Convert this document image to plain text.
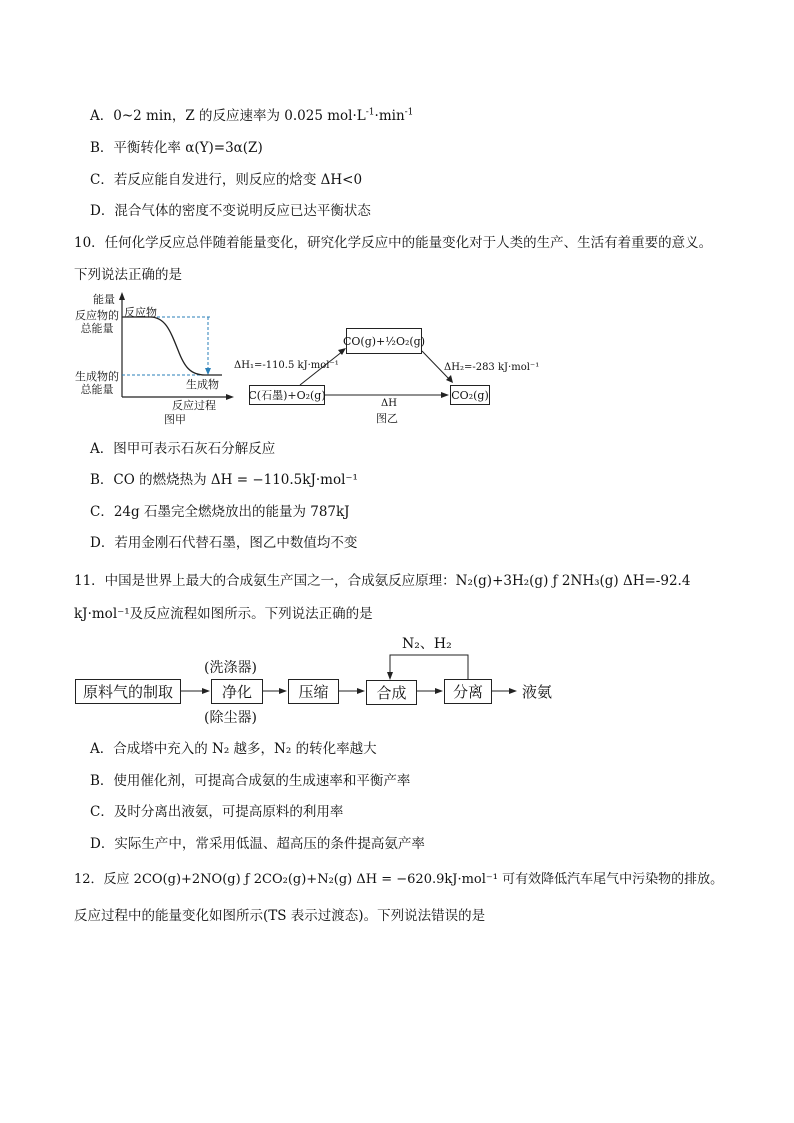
A．0~2 min，Z 的反应速率为 0.025 $mol\cdot L^{-1}\cdot\min^{-1}$
B．平衡转化率 α(Y)=3α(Z)
C．若反应能自发进行，则反应的焓变 ΔH<0
D．混合气体的密度不变说明反应已达平衡状态
10．任何化学反应总伴随着能量变化，研究化学反应中的能量变化对于人类的生产、生活有着重要的意义。
下列说法正确的是
能量
反应物的总能量
反应物
生成物的总能量	生成物
反应过程
图甲
CO(g)+½O₂(g)
C(石墨)+O₂(g)	CO₂(g)
ΔH₁=-110.5 kJ·mol⁻¹	ΔH₂=-283 kJ·mol⁻¹
ΔH
图乙
A．图甲可表示石灰石分解反应
B．CO 的燃烧热为 ΔH = −110.5kJ·mol⁻¹
C．24g 石墨完全燃烧放出的能量为 787kJ
D．若用金刚石代替石墨，图乙中数值均不变
11．中国是世界上最大的合成氨生产国之一，合成氨反应原理：N₂(g)+3H₂(g) ƒ 2NH₃(g) ΔH=-92.4
kJ·mol⁻¹及反应流程如图所示。下列说法正确的是
N₂、H₂
(洗涤器)
原料气的制取	净化	压缩	合成	分离	液氨
(除尘器)
A．合成塔中充入的 N₂ 越多，N₂ 的转化率越大
B．使用催化剂，可提高合成氨的生成速率和平衡产率
C．及时分离出液氨，可提高原料的利用率
D．实际生产中，常采用低温、超高压的条件提高氨产率
12．反应 2CO(g)+2NO(g) ƒ 2CO₂(g)+N₂(g) ΔH = −620.9kJ·mol⁻¹ 可有效降低汽车尾气中污染物的排放。
反应过程中的能量变化如图所示(TS 表示过渡态)。下列说法错误的是
